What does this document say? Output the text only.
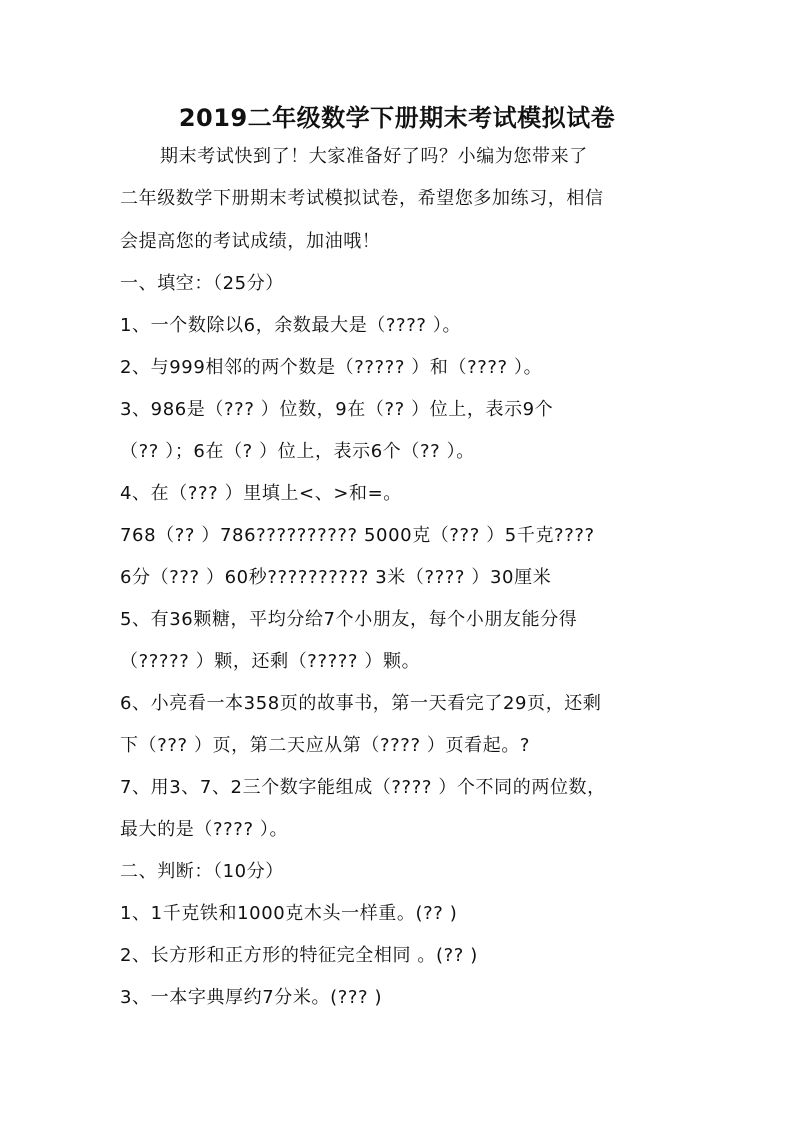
2019二年级数学下册期末考试模拟试卷
期末考试快到了！大家准备好了吗？小编为您带来了
二年级数学下册期末考试模拟试卷，希望您多加练习，相信
会提高您的考试成绩，加油哦！
一、填空：（25分）
1、一个数除以6，余数最大是（???? ）。
2、与999相邻的两个数是（????? ）和（???? ）。
3、986是（??? ）位数，9在（?? ）位上，表示9个
（?? ）；6在（? ）位上，表示6个（?? ）。
4、在（??? ）里填上<、>和=。
768（?? ）786?????????? 5000克（??? ）5千克????
6分（??? ）60秒?????????? 3米（???? ）30厘米
5、有36颗糖，平均分给7个小朋友，每个小朋友能分得
（????? ）颗，还剩（????? ）颗。
6、小亮看一本358页的故事书，第一天看完了29页，还剩
下（??? ）页，第二天应从第（???? ）页看起。?
7、用3、7、2三个数字能组成（???? ）个不同的两位数，
最大的是（???? ）。
二、判断：（10分）
1、1千克铁和1000克木头一样重。(?? )
2、长方形和正方形的特征完全相同 。(?? )
3、一本字典厚约7分米。(??? )
